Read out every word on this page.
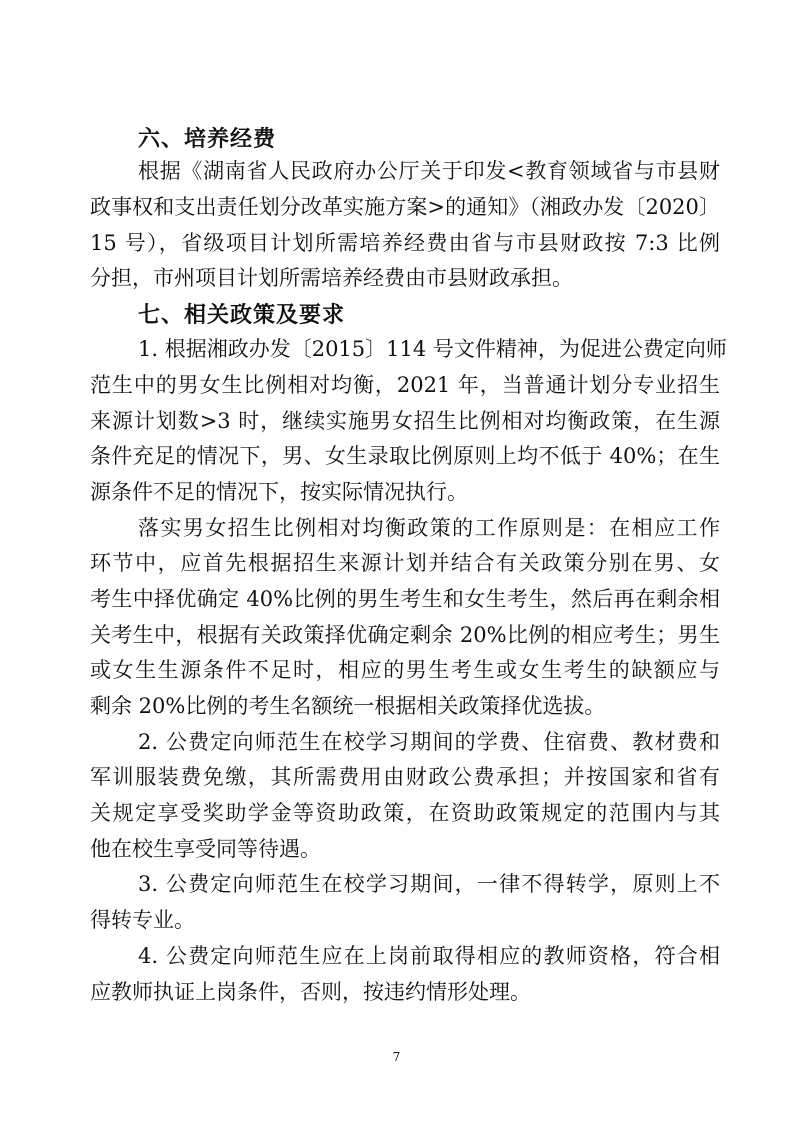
六、培养经费
根据《湖南省人民政府办公厅关于印发<教育领域省与市县财
政事权和支出责任划分改革实施方案>的通知》（湘政办发〔2020〕
15 号），省级项目计划所需培养经费由省与市县财政按 7:3 比例
分担，市州项目计划所需培养经费由市县财政承担。
七、相关政策及要求
1. 根据湘政办发〔2015〕114 号文件精神，为促进公费定向师
范生中的男女生比例相对均衡，2021 年，当普通计划分专业招生
来源计划数>3 时，继续实施男女招生比例相对均衡政策，在生源
条件充足的情况下，男、女生录取比例原则上均不低于 40%；在生
源条件不足的情况下，按实际情况执行。
落实男女招生比例相对均衡政策的工作原则是：在相应工作
环节中，应首先根据招生来源计划并结合有关政策分别在男、女
考生中择优确定 40%比例的男生考生和女生考生，然后再在剩余相
关考生中，根据有关政策择优确定剩余 20%比例的相应考生；男生
或女生生源条件不足时，相应的男生考生或女生考生的缺额应与
剩余 20%比例的考生名额统一根据相关政策择优选拔。
2. 公费定向师范生在校学习期间的学费、住宿费、教材费和
军训服装费免缴，其所需费用由财政公费承担；并按国家和省有
关规定享受奖助学金等资助政策，在资助政策规定的范围内与其
他在校生享受同等待遇。
3. 公费定向师范生在校学习期间，一律不得转学，原则上不
得转专业。
4. 公费定向师范生应在上岗前取得相应的教师资格，符合相
应教师执证上岗条件，否则，按违约情形处理。
7
